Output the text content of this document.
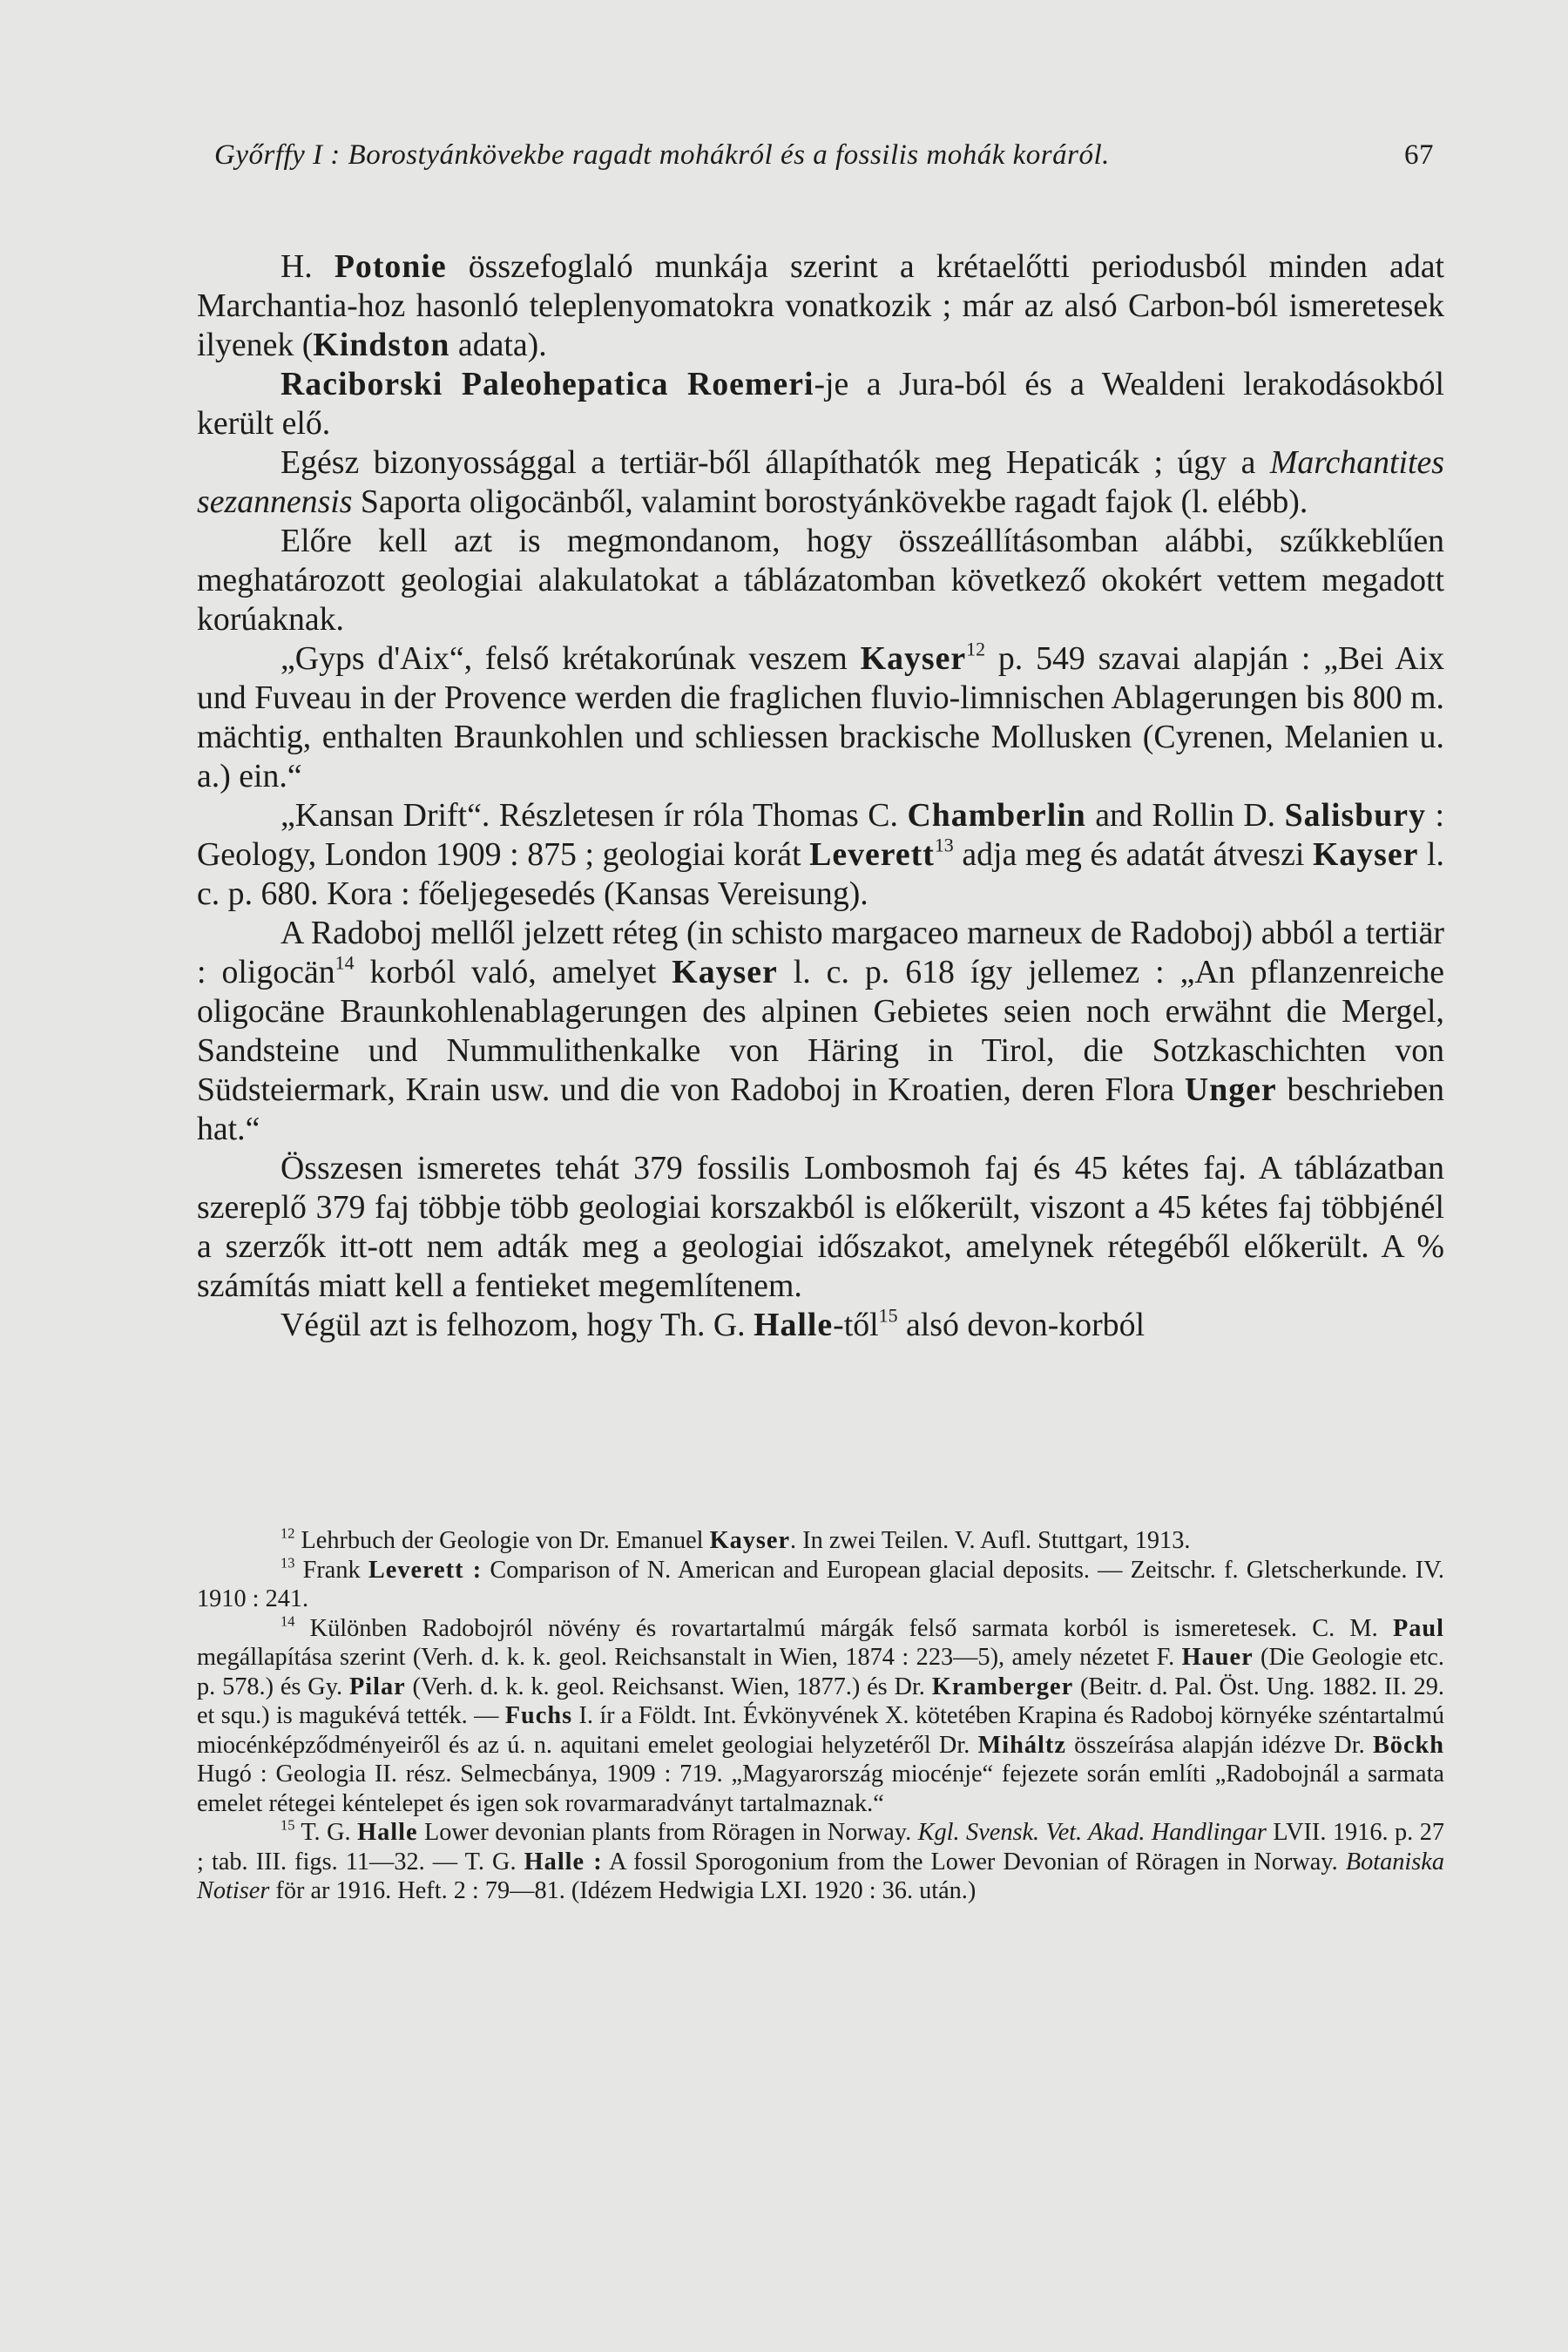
Győrffy I : Borostyánkövekbe ragadt mohákról és a fossilis mohák koráról.	67

H. Potonie összefoglaló munkája szerint a krétaelőtti periodusból minden adat Marchantia-hoz hasonló teleplenyomatokra vonatkozik ; már az alsó Carbon-ból ismeretesek ilyenek (Kindston adata).

Raciborski Paleohepatica Roemeri-je a Jura-ból és a Wealdeni lerakodásokból került elő.

Egész bizonyossággal a tertiär-ből állapíthatók meg Hepaticák ; úgy a Marchantites sezannensis Saporta oligocänből, valamint borostyánkövekbe ragadt fajok (l. elébb).

Előre kell azt is megmondanom, hogy összeállításomban alábbi, szűkkeblűen meghatározott geologiai alakulatokat a táblázatomban következő okokért vettem megadott korúaknak.

„Gyps d'Aix“, felső krétakorúnak veszem Kayser$^{12}$ p. 549 szavai alapján : „Bei Aix und Fuveau in der Provence werden die fraglichen fluvio-limnischen Ablagerungen bis 800 m. mächtig, enthalten Braunkohlen und schliessen brackische Mollusken (Cyrenen, Melanien u. a.) ein.“

„Kansan Drift“. Részletesen ír róla Thomas C. Chamberlin and Rollin D. Salisbury : Geology, London 1909 : 875 ; geologiai korát Leverett$^{13}$ adja meg és adatát átveszi Kayser l. c. p. 680. Kora : főeljegesedés (Kansas Vereisung).

A Radoboj mellől jelzett réteg (in schisto margaceo marneux de Radoboj) abból a tertiär : oligocän$^{14}$ korból való, amelyet Kayser l. c. p. 618 így jellemez : „An pflanzenreiche oligocäne Braunkohlenablagerungen des alpinen Gebietes seien noch erwähnt die Mergel, Sandsteine und Nummulithenkalke von Häring in Tirol, die Sotzkaschichten von Südsteiermark, Krain usw. und die von Radoboj in Kroatien, deren Flora Unger beschrieben hat.“

Összesen ismeretes tehát 379 fossilis Lombosmoh faj és 45 kétes faj. A táblázatban szereplő 379 faj többje több geologiai korszakból is előkerült, viszont a 45 kétes faj többjénél a szerzők itt-ott nem adták meg a geologiai időszakot, amelynek rétegéből előkerült. A % számítás miatt kell a fentieket megemlítenem.

Végül azt is felhozom, hogy Th. G. Halle-től$^{15}$ alsó devon-korból

$^{12}$ Lehrbuch der Geologie von Dr. Emanuel Kayser. In zwei Teilen. V. Aufl. Stuttgart, 1913.

$^{13}$ Frank Leverett : Comparison of N. American and European glacial deposits. — Zeitschr. f. Gletscherkunde. IV. 1910 : 241.

$^{14}$ Különben Radobojról növény és rovartartalmú márgák felső sarmata korból is ismeretesek. C. M. Paul megállapítása szerint (Verh. d. k. k. geol. Reichsanstalt in Wien, 1874 : 223—5), amely nézetet F. Hauer (Die Geologie etc. p. 578.) és Gy. Pilar (Verh. d. k. k. geol. Reichsanst. Wien, 1877.) és Dr. Kramberger (Beitr. d. Pal. Öst. Ung. 1882. II. 29. et squ.) is magukévá tették. — Fuchs I. ír a Földt. Int. Évkönyvének X. kötetében Krapina és Radoboj környéke széntartalmú miocénképződményeiről és az ú. n. aquitani emelet geologiai helyzetéről Dr. Miháltz összeírása alapján idézve Dr. Böckh Hugó : Geologia II. rész. Selmecbánya, 1909 : 719. „Magyarország miocénje“ fejezete során említi „Radobojnál a sarmata emelet rétegei kéntelepet és igen sok rovarmaradványt tartalmaznak.“

$^{15}$ T. G. Halle Lower devonian plants from Röragen in Norway. Kgl. Svensk. Vet. Akad. Handlingar LVII. 1916. p. 27 ; tab. III. figs. 11—32. — T. G. Halle : A fossil Sporogonium from the Lower Devonian of Röragen in Norway. Botaniska Notiser för ar 1916. Heft. 2 : 79—81. (Idézem Hedwigia LXI. 1920 : 36. után.)
